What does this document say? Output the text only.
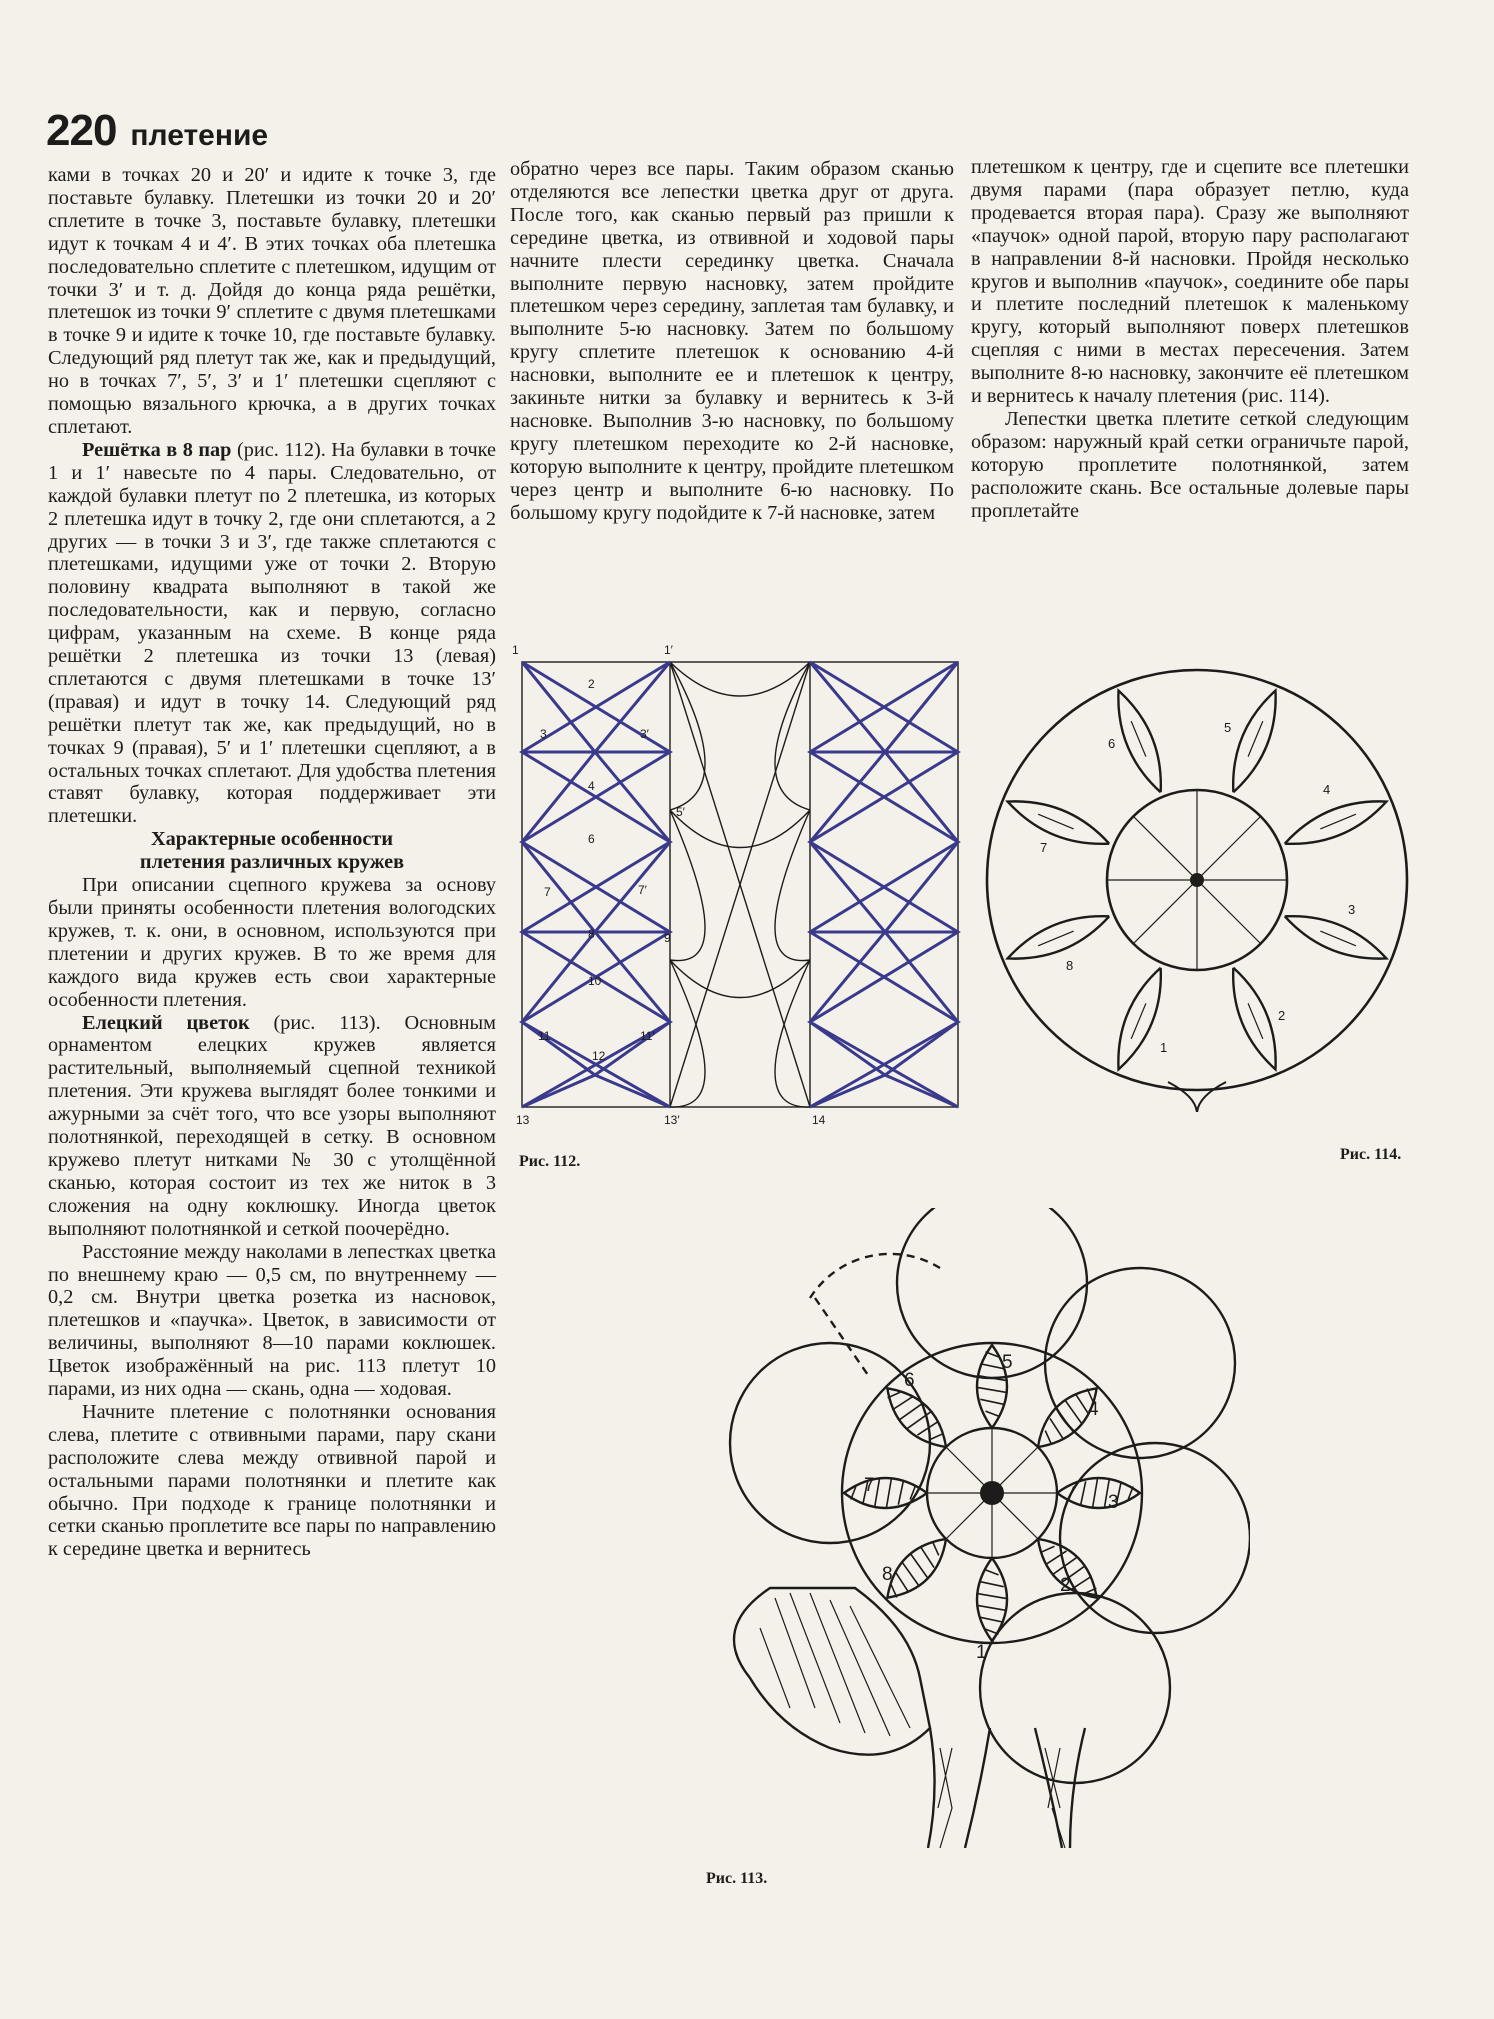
220 плетение

ками в точках 20 и 20′ и идите к точке 3, где поставьте булавку. Плетешки из точки 20 и 20′ сплетите в точке 3, поставьте булавку, плетешки идут к точкам 4 и 4′. В этих точках оба плетешка последовательно сплетите с плетешком, идущим от точки 3′ и т. д. Дойдя до конца ряда решётки, плетешок из точки 9′ сплетите с двумя плетешками в точке 9 и идите к точке 10, где поставьте булавку. Следующий ряд плетут так же, как и предыдущий, но в точках 7′, 5′, 3′ и 1′ плетешки сцепляют с помощью вязального крючка, а в других точках сплетают.

Решётка в 8 пар (рис. 112). На булавки в точке 1 и 1′ навесьте по 4 пары. Следовательно, от каждой булавки плетут по 2 плетешка, из которых 2 плетешка идут в точку 2, где они сплетаются, а 2 других — в точки 3 и 3′, где также сплетаются с плетешками, идущими уже от точки 2. Вторую половину квадрата выполняют в такой же последовательности, как и первую, согласно цифрам, указанным на схеме. В конце ряда решётки 2 плетешка из точки 13 (левая) сплетаются с двумя плетешками в точке 13′ (правая) и идут в точку 14. Следующий ряд решётки плетут так же, как предыдущий, но в точках 9 (правая), 5′ и 1′ плетешки сцепляют, а в остальных точках сплетают. Для удобства плетения ставят булавку, которая поддерживает эти плетешки.

Характерные особенности
плетения различных кружев

При описании сцепного кружева за основу были приняты особенности плетения вологодских кружев, т. к. они, в основном, используются при плетении и других кружев. В то же время для каждого вида кружев есть свои характерные особенности плетения.

Елецкий цветок (рис. 113). Основным орнаментом елецких кружев является растительный, выполняемый сцепной техникой плетения. Эти кружева выглядят более тонкими и ажурными за счёт того, что все узоры выполняют полотнянкой, переходящей в сетку. В основном кружево плетут нитками № 30 с утолщённой сканью, которая состоит из тех же ниток в 3 сложения на одну коклюшку. Иногда цветок выполняют полотнянкой и сеткой поочерёдно.

Расстояние между наколами в лепестках цветка по внешнему краю — 0,5 см, по внутреннему — 0,2 см. Внутри цветка розетка из насновок, плетешков и «паучка». Цветок, в зависимости от величины, выполняют 8—10 парами коклюшек. Цветок изображённый на рис. 113 плетут 10 парами, из них одна — скань, одна — ходовая.

Начните плетение с полотнянки основания слева, плетите с отвивными парами, пару скани расположите слева между отвивной парой и остальными парами полотнянки и плетите как обычно. При подходе к границе полотнянки и сетки сканью проплетите все пары по направлению к середине цветка и вернитесь

обратно через все пары. Таким образом сканью отделяются все лепестки цветка друг от друга. После того, как сканью первый раз пришли к середине цветка, из отвивной и ходовой пары начните плести серединку цветка. Сначала выполните первую насновку, затем пройдите плетешком через середину, заплетая там булавку, и выполните 5-ю насновку. Затем по большому кругу сплетите плетешок к основанию 4-й насновки, выполните ее и плетешок к центру, закиньте нитки за булавку и вернитесь к 3-й насновке. Выполнив 3-ю насновку, по большому кругу плетешком переходите ко 2-й насновке, которую выполните к центру, пройдите плетешком через центр и выполните 6-ю насновку. По большому кругу подойдите к 7-й насновке, затем

плетешком к центру, где и сцепите все плетешки двумя парами (пара образует петлю, куда продевается вторая пара). Сразу же выполняют «паучок» одной парой, вторую пару располагают в направлении 8-й насновки. Пройдя несколько кругов и выполнив «паучок», соедините обе пары и плетите последний плетешок к маленькому кругу, который выполняют поверх плетешков сцепляя с ними в местах пересечения. Затем выполните 8-ю насновку, закончите её плетешком и вернитесь к началу плетения (рис. 114).

Лепестки цветка плетите сеткой следующим образом: наружный край сетки ограничьте парой, которую проплетите полотнянкой, затем расположите скань. Все остальные долевые пары проплетайте

1	1′
2
3	3′
4
5′
6
7	7′
8	9
10
11	11′
12
13	13′	14
Рис. 112.
1
2
3
4
5
6
7
8
Рис. 114.
1
2
3
4
5
6
7
8
Рис. 113.
